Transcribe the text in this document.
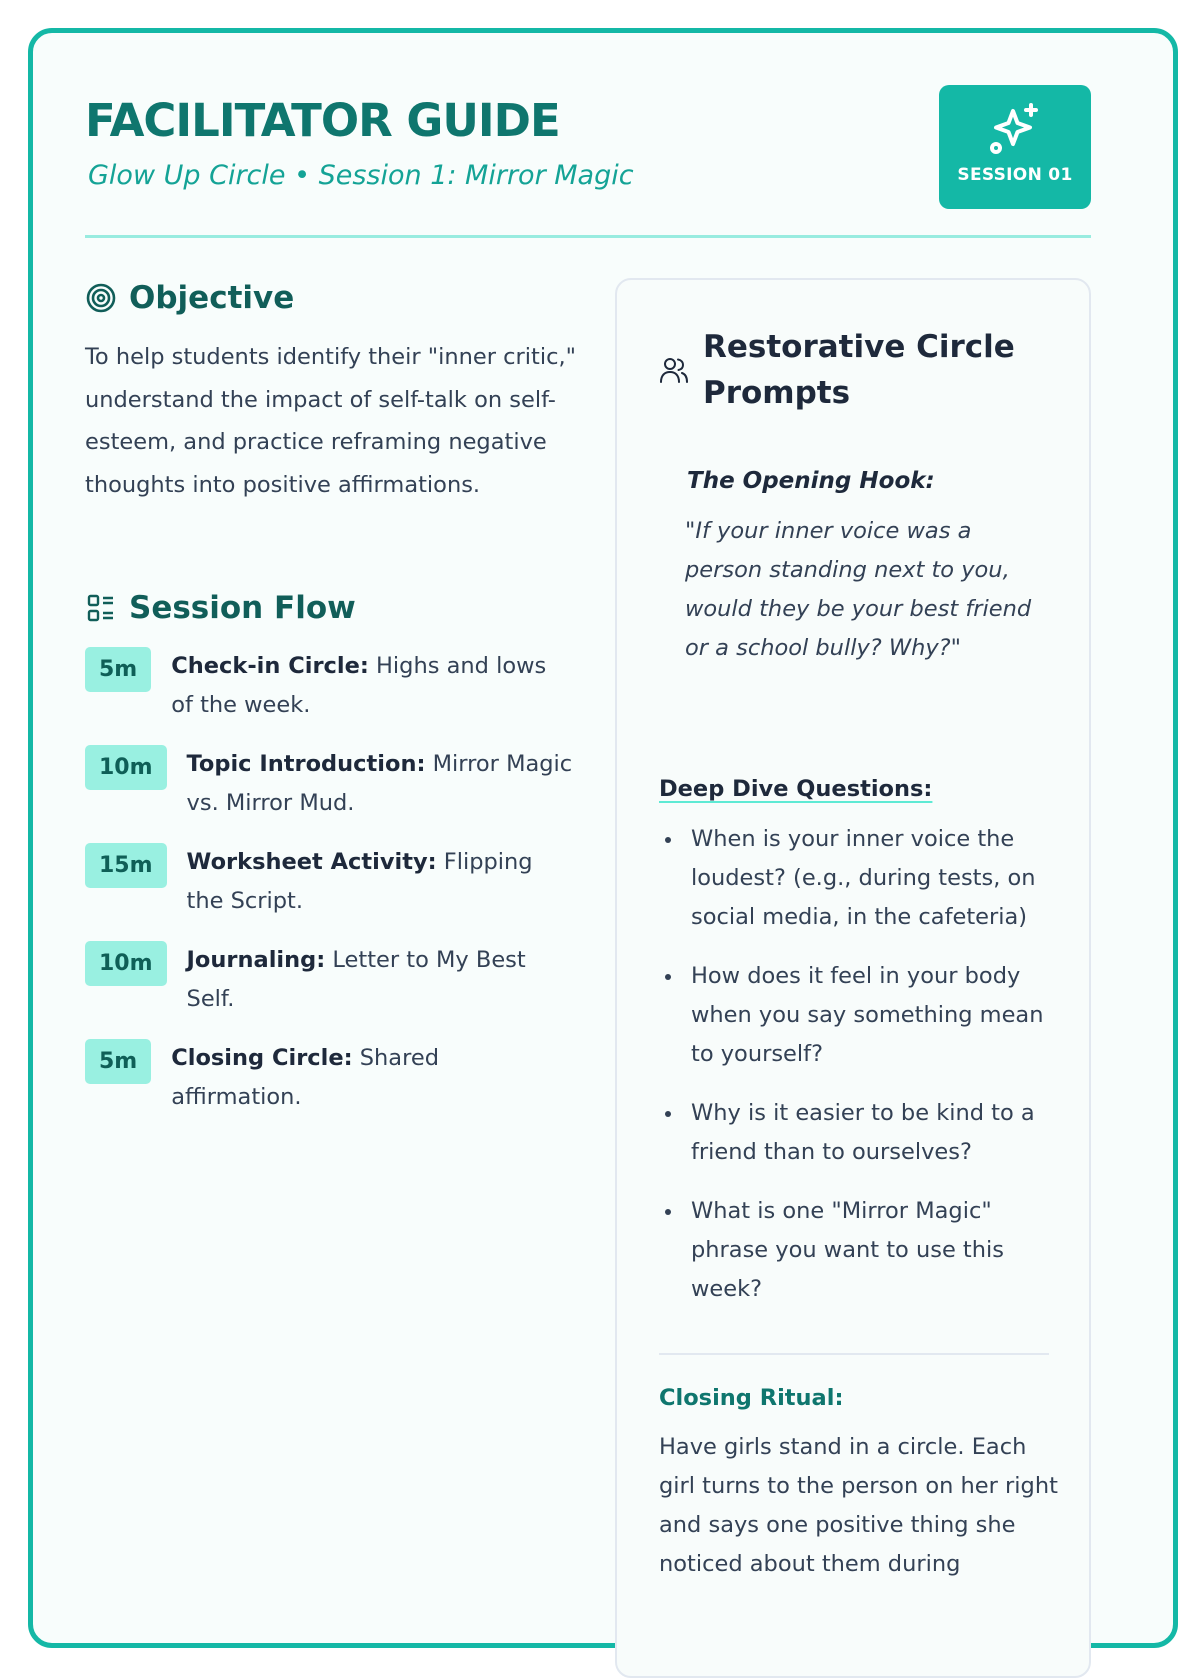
FACILITATOR GUIDE

Glow Up Circle • Session 1: Mirror Magic	SESSION 01
Objective

To help students identify their "inner critic," understand the impact of self-talk on self-esteem, and practice reframing negative thoughts into positive affirmations.

Session Flow
5m	Check-in Circle: Highs and lows of the week.
10m	Topic Introduction: Mirror Magic vs. Mirror Mud.
15m	Worksheet Activity: Flipping the Script.
10m	Journaling: Letter to My Best Self.
5m	Closing Circle: Shared affirmation.
Restorative Circle Prompts
The Opening Hook:

"If your inner voice was a person standing next to you, would they be your best friend or a school bully? Why?"

Deep Dive Questions:
When is your inner voice the loudest? (e.g., during tests, on social media, in the cafeteria)
How does it feel in your body when you say something mean to yourself?
Why is it easier to be kind to a friend than to ourselves?
What is one "Mirror Magic" phrase you want to use this week?
Closing Ritual:

Have girls stand in a circle. Each girl turns to the person on her right and says one positive thing she noticed about them during
